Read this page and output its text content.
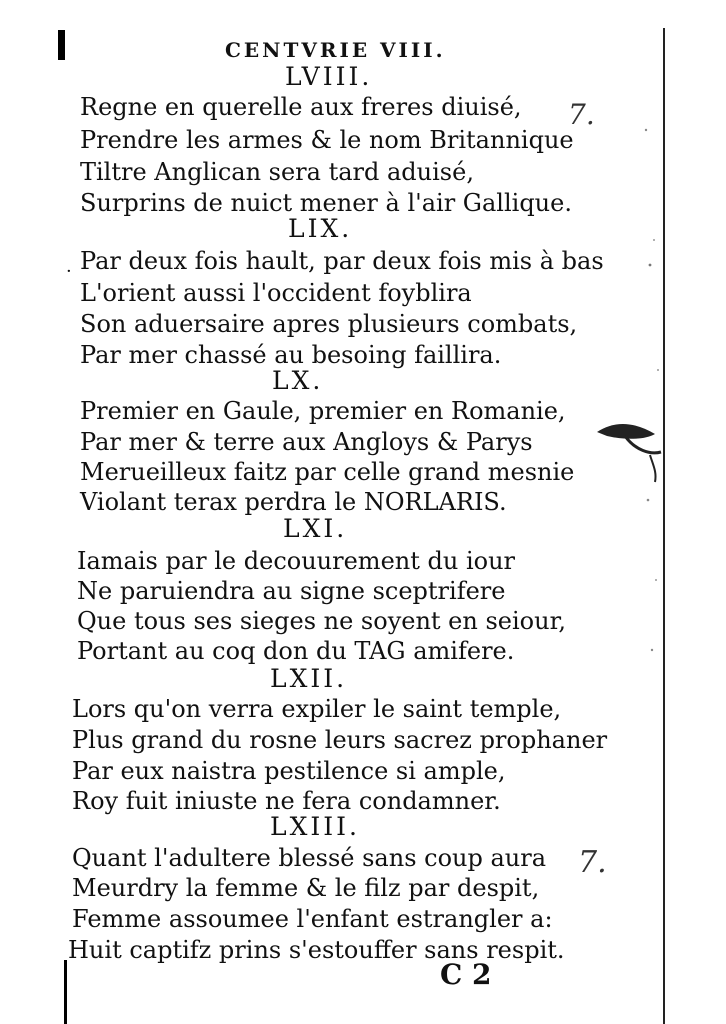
CENTVRIE VIII.
LVIII.
Regne en querelle aux freres diuisé,
Prendre les armes & le nom Britannique
Tiltre Anglican sera tard aduisé,
Surprins de nuict mener à l'air Gallique.
LIX.
· Par deux fois hault, par deux fois mis à bas
L'orient aussi l'occident foyblira
Son aduersaire apres plusieurs combats,
Par mer chassé au besoing faillira.
LX.
Premier en Gaule, premier en Romanie,
Par mer & terre aux Angloys & Parys
Merueilleux faitz par celle grand mesnie
Violant terax perdra le NORLARIS.
LXI.
Iamais par le decouurement du iour
Ne paruiendra au signe sceptrifere
Que tous ses sieges ne soyent en seiour,
Portant au coq don du TAG amifere.
LXII.
Lors qu'on verra expiler le saint temple,
Plus grand du rosne leurs sacrez prophaner
Par eux naistra pestilence si ample,
Roy fuit iniuste ne fera condamner.
LXIII.
Quant l'adultere blessé sans coup aura
Meurdry la femme & le filz par despit,
Femme assoumee l'enfant estrangler a:
Huit captifz prins s'estouffer sans respit.
7.
7.
C 2
